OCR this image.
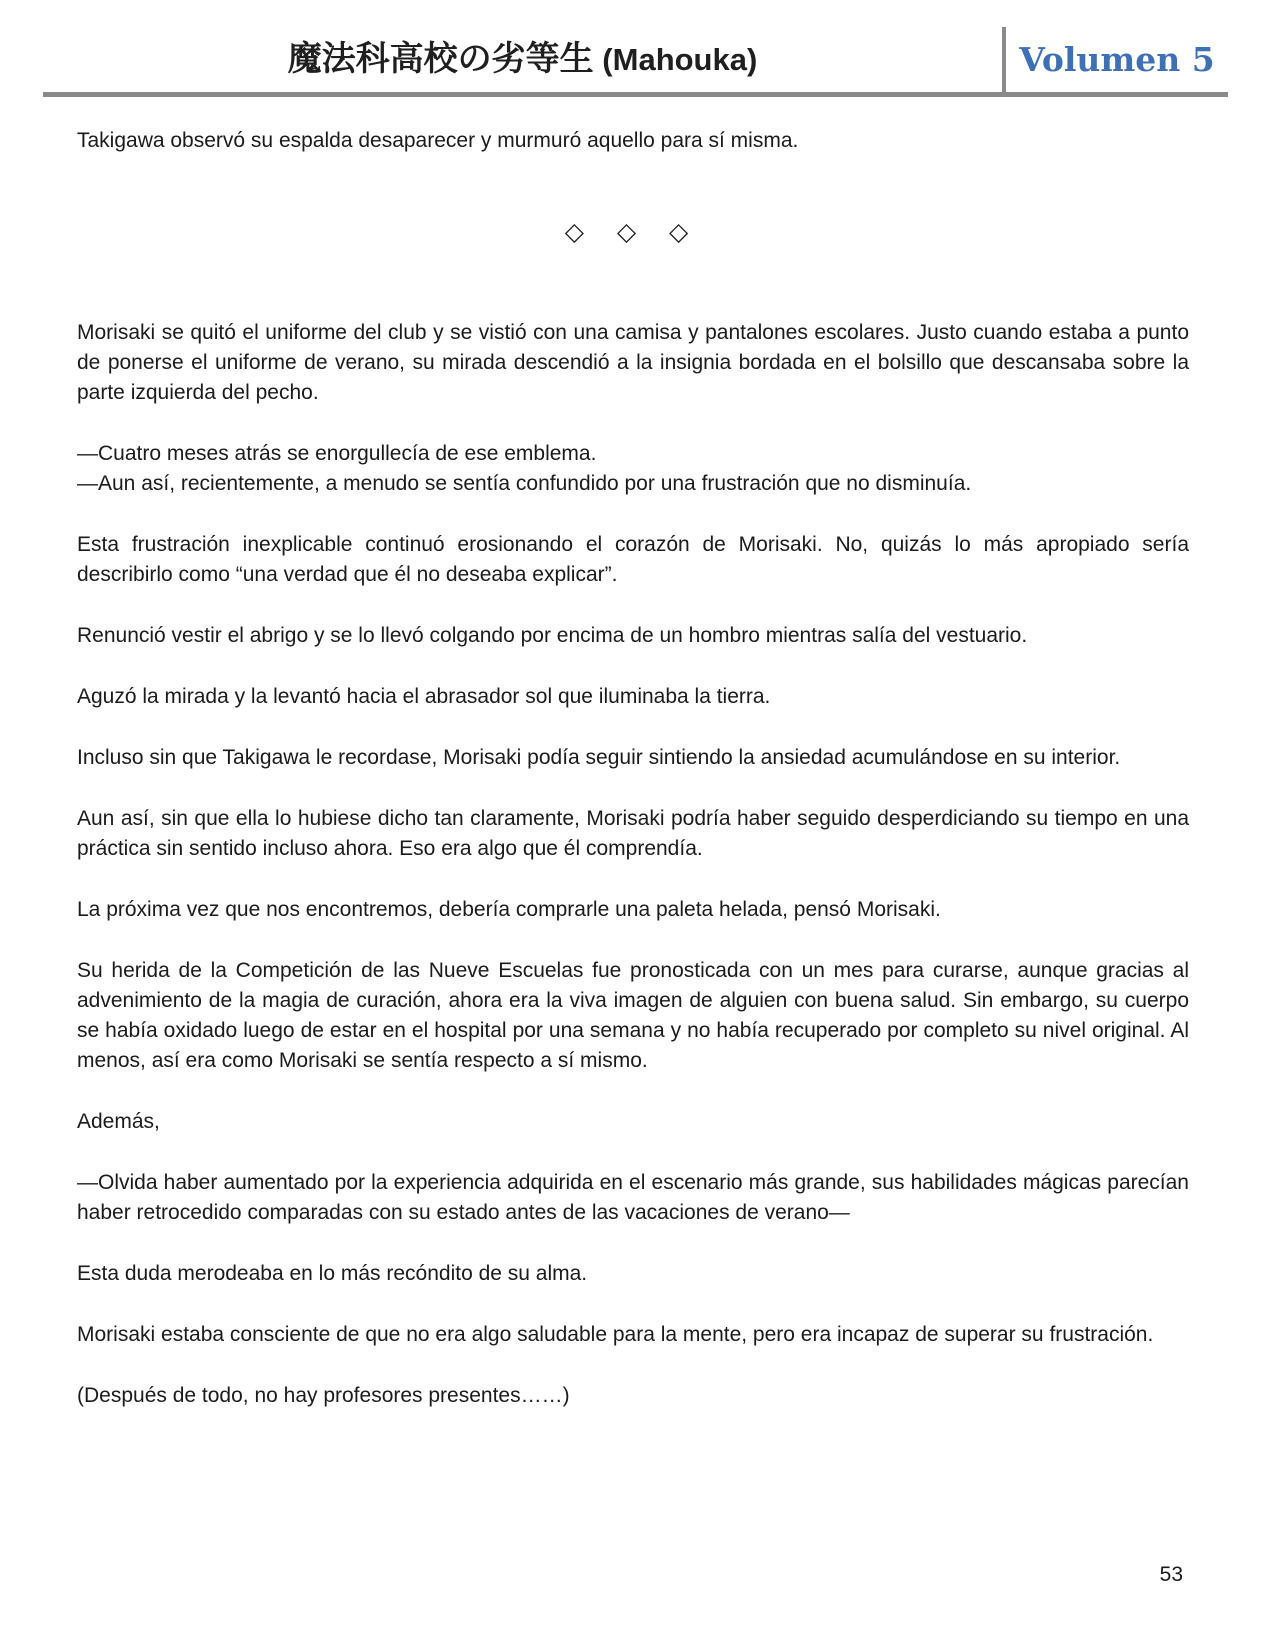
魔法科高校の劣等生 (Mahouka)	Volumen 5

Takigawa observó su espalda desaparecer y murmuró aquello para sí misma.

◇ ◇ ◇

Morisaki se quitó el uniforme del club y se vistió con una camisa y pantalones escolares. Justo cuando estaba a punto de ponerse el uniforme de verano, su mirada descendió a la insignia bordada en el bolsillo que descansaba sobre la parte izquierda del pecho.

—Cuatro meses atrás se enorgullecía de ese emblema.

—Aun así, recientemente, a menudo se sentía confundido por una frustración que no disminuía.

Esta frustración inexplicable continuó erosionando el corazón de Morisaki. No, quizás lo más apropiado sería describirlo como “una verdad que él no deseaba explicar”.

Renunció vestir el abrigo y se lo llevó colgando por encima de un hombro mientras salía del vestuario.

Aguzó la mirada y la levantó hacia el abrasador sol que iluminaba la tierra.

Incluso sin que Takigawa le recordase, Morisaki podía seguir sintiendo la ansiedad acumulándose en su interior.

Aun así, sin que ella lo hubiese dicho tan claramente, Morisaki podría haber seguido desperdiciando su tiempo en una práctica sin sentido incluso ahora. Eso era algo que él comprendía.

La próxima vez que nos encontremos, debería comprarle una paleta helada, pensó Morisaki.

Su herida de la Competición de las Nueve Escuelas fue pronosticada con un mes para curarse, aunque gracias al advenimiento de la magia de curación, ahora era la viva imagen de alguien con buena salud. Sin embargo, su cuerpo se había oxidado luego de estar en el hospital por una semana y no había recuperado por completo su nivel original. Al menos, así era como Morisaki se sentía respecto a sí mismo.

Además,

—Olvida haber aumentado por la experiencia adquirida en el escenario más grande, sus habilidades mágicas parecían haber retrocedido comparadas con su estado antes de las vacaciones de verano—

Esta duda merodeaba en lo más recóndito de su alma.

Morisaki estaba consciente de que no era algo saludable para la mente, pero era incapaz de superar su frustración.

(Después de todo, no hay profesores presentes……)

53
